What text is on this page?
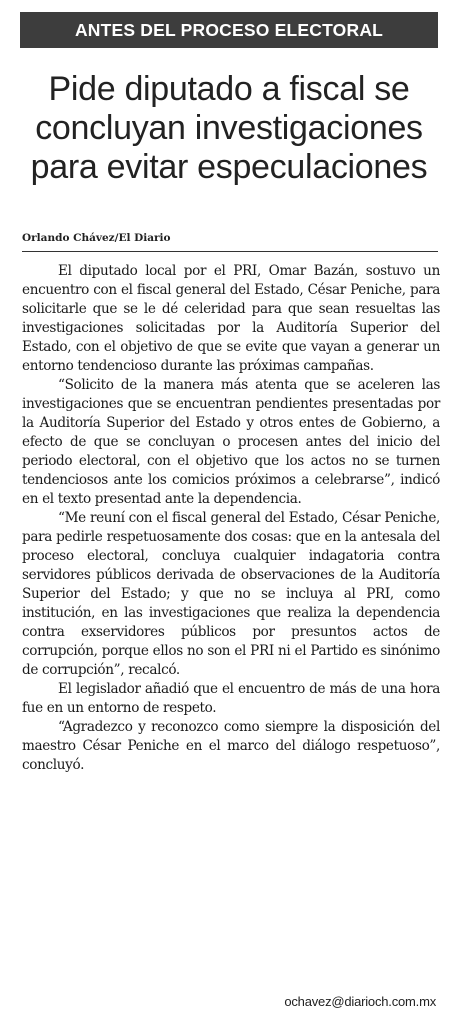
ANTES DEL PROCESO ELECTORAL
Pide diputado a fiscal se
concluyan investigaciones
para evitar especulaciones
Orlando Chávez/El Diario

El diputado local por el PRI, Omar Bazán, sostuvo un encuentro con el fiscal general del Estado, César Peniche, para solicitarle que se le dé celeridad para que sean resueltas las investigaciones solicitadas por la Auditoría Superior del Estado, con el objetivo de que se evite que vayan a generar un entorno tendencioso durante las próximas campañas.

“Solicito de la manera más atenta que se aceleren las investigaciones que se encuentran pendientes presentadas por la Auditoría Superior del Estado y otros entes de Gobierno, a efecto de que se concluyan o procesen antes del inicio del periodo electoral, con el objetivo que los actos no se turnen tendenciosos ante los comicios próximos a celebrarse”, indicó en el texto presentad ante la dependencia.

“Me reuní con el fiscal general del Estado, César Peniche, para pedirle respetuosamente dos cosas: que en la antesala del proceso electoral, concluya cualquier indagatoria contra servidores públicos derivada de observaciones de la Auditoría Superior del Estado; y que no se incluya al PRI, como institución, en las investigaciones que realiza la dependencia contra exservidores públicos por presuntos actos de corrupción, porque ellos no son el PRI ni el Partido es sinónimo de corrupción”, recalcó.

El legislador añadió que el encuentro de más de una hora fue en un entorno de respeto.

“Agradezco y reconozco como siempre la disposición del maestro César Peniche en el marco del diálogo respetuoso”, concluyó.

ochavez@diarioch.com.mx
